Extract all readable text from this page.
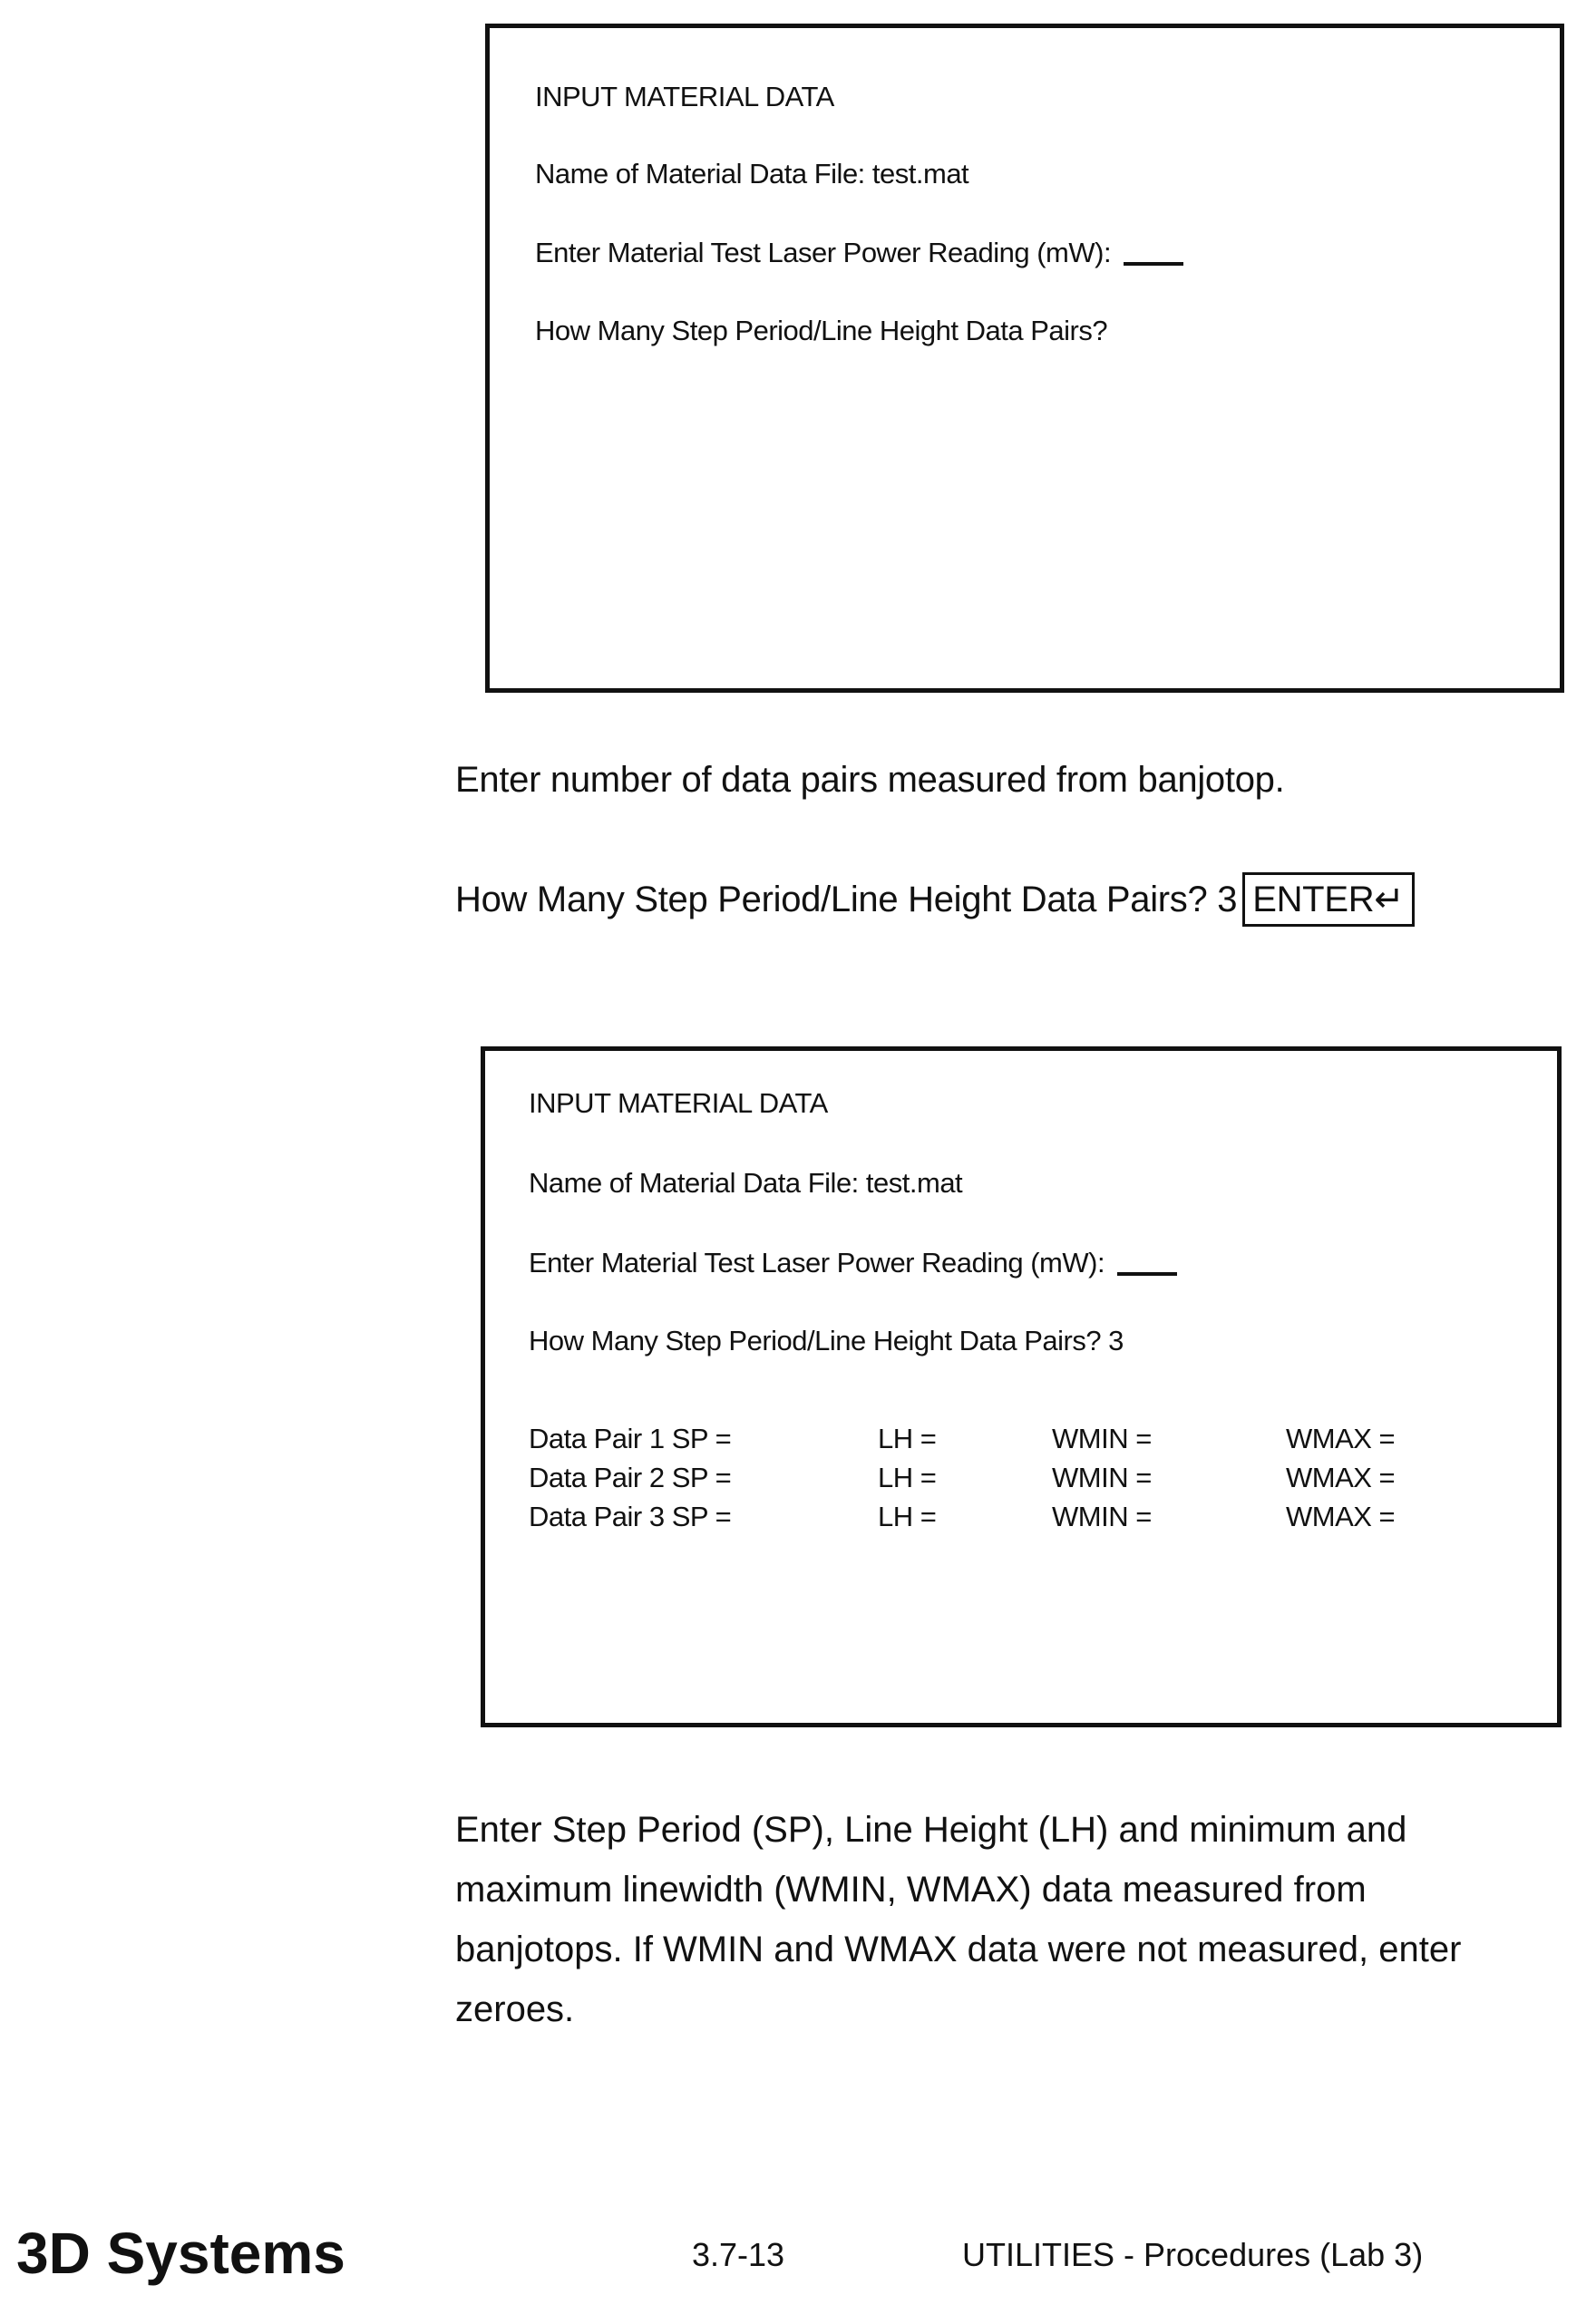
INPUT MATERIAL DATA
Name of Material Data File: test.mat
Enter Material Test Laser Power Reading (mW):
How Many Step Period/Line Height Data Pairs?
Enter number of data pairs measured from banjotop.
How Many Step Period/Line Height Data Pairs? 3 ENTER↵
INPUT MATERIAL DATA
Name of Material Data File: test.mat
Enter Material Test Laser Power Reading (mW):
How Many Step Period/Line Height Data Pairs? 3
Data Pair 1 SP =	LH =	WMIN =	WMAX =
Data Pair 2 SP =	LH =	WMIN =	WMAX =
Data Pair 3 SP =	LH =	WMIN =	WMAX =
Enter Step Period (SP), Line Height (LH) and minimum and maximum linewidth (WMIN, WMAX) data measured from banjotops. If WMIN and WMAX data were not measured, enter zeroes.
3D Systems	3.7-13	UTILITIES - Procedures (Lab 3)
